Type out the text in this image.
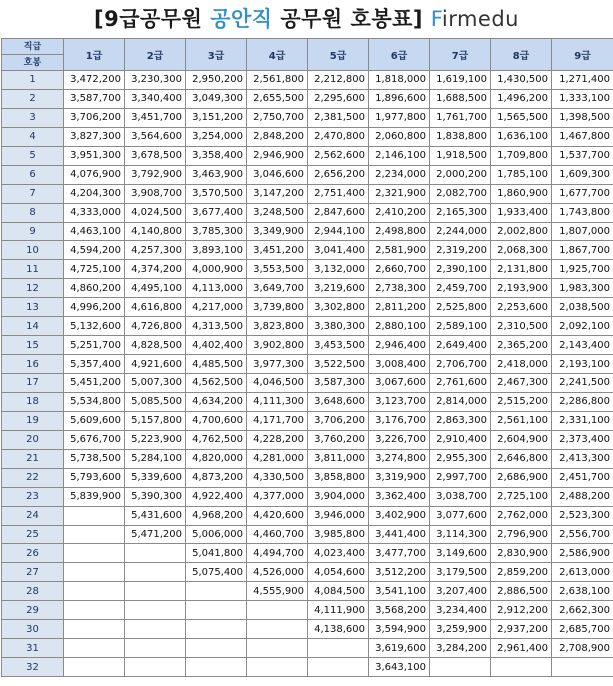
[9급공무원 공안직 공무원 호봉표] Firmedu
직급
호봉	1급	2급	3급	4급	5급	6급	7급	8급	9급
1	3,472,200	3,230,300	2,950,200	2,561,800	2,212,800	1,818,000	1,619,100	1,430,500	1,271,400
2	3,587,700	3,340,400	3,049,300	2,655,500	2,295,600	1,896,600	1,688,500	1,496,200	1,333,100
3	3,706,200	3,451,700	3,151,200	2,750,700	2,381,500	1,977,800	1,761,700	1,565,500	1,398,500
4	3,827,300	3,564,600	3,254,000	2,848,200	2,470,800	2,060,800	1,838,800	1,636,100	1,467,800
5	3,951,300	3,678,500	3,358,400	2,946,900	2,562,600	2,146,100	1,918,500	1,709,800	1,537,700
6	4,076,900	3,792,900	3,463,900	3,046,600	2,656,200	2,234,000	2,000,200	1,785,100	1,609,300
7	4,204,300	3,908,700	3,570,500	3,147,200	2,751,400	2,321,900	2,082,700	1,860,900	1,677,700
8	4,333,000	4,024,500	3,677,400	3,248,500	2,847,600	2,410,200	2,165,300	1,933,400	1,743,800
9	4,463,100	4,140,800	3,785,300	3,349,900	2,944,100	2,498,800	2,244,000	2,002,800	1,807,000
10	4,594,200	4,257,300	3,893,100	3,451,200	3,041,400	2,581,900	2,319,200	2,068,300	1,867,700
11	4,725,100	4,374,200	4,000,900	3,553,500	3,132,000	2,660,700	2,390,100	2,131,800	1,925,700
12	4,860,200	4,495,100	4,113,000	3,649,700	3,219,600	2,738,300	2,459,700	2,193,900	1,983,300
13	4,996,200	4,616,800	4,217,000	3,739,800	3,302,800	2,811,200	2,525,800	2,253,600	2,038,500
14	5,132,600	4,726,800	4,313,500	3,823,800	3,380,300	2,880,100	2,589,100	2,310,500	2,092,100
15	5,251,700	4,828,500	4,402,400	3,902,800	3,453,500	2,946,400	2,649,400	2,365,200	2,143,400
16	5,357,400	4,921,600	4,485,500	3,977,300	3,522,500	3,008,400	2,706,700	2,418,000	2,193,100
17	5,451,200	5,007,300	4,562,500	4,046,500	3,587,300	3,067,600	2,761,600	2,467,300	2,241,500
18	5,534,800	5,085,500	4,634,200	4,111,300	3,648,600	3,123,700	2,814,000	2,515,200	2,286,800
19	5,609,600	5,157,800	4,700,600	4,171,700	3,706,200	3,176,700	2,863,300	2,561,100	2,331,100
20	5,676,700	5,223,900	4,762,500	4,228,200	3,760,200	3,226,700	2,910,400	2,604,900	2,373,400
21	5,738,500	5,284,100	4,820,000	4,281,000	3,811,000	3,274,800	2,955,300	2,646,800	2,413,300
22	5,793,600	5,339,600	4,873,200	4,330,500	3,858,800	3,319,900	2,997,700	2,686,900	2,451,700
23	5,839,900	5,390,300	4,922,400	4,377,000	3,904,000	3,362,400	3,038,700	2,725,100	2,488,200
24		5,431,600	4,968,200	4,420,600	3,946,000	3,402,900	3,077,600	2,762,000	2,523,300
25		5,471,200	5,006,000	4,460,700	3,985,800	3,441,400	3,114,300	2,796,900	2,556,700
26			5,041,800	4,494,700	4,023,400	3,477,700	3,149,600	2,830,900	2,586,900
27			5,075,400	4,526,000	4,054,600	3,512,200	3,179,500	2,859,200	2,613,000
28				4,555,900	4,084,500	3,541,100	3,207,400	2,886,500	2,638,100
29					4,111,900	3,568,200	3,234,400	2,912,200	2,662,300
30					4,138,600	3,594,900	3,259,900	2,937,200	2,685,700
31						3,619,600	3,284,200	2,961,400	2,708,900
32						3,643,100			
